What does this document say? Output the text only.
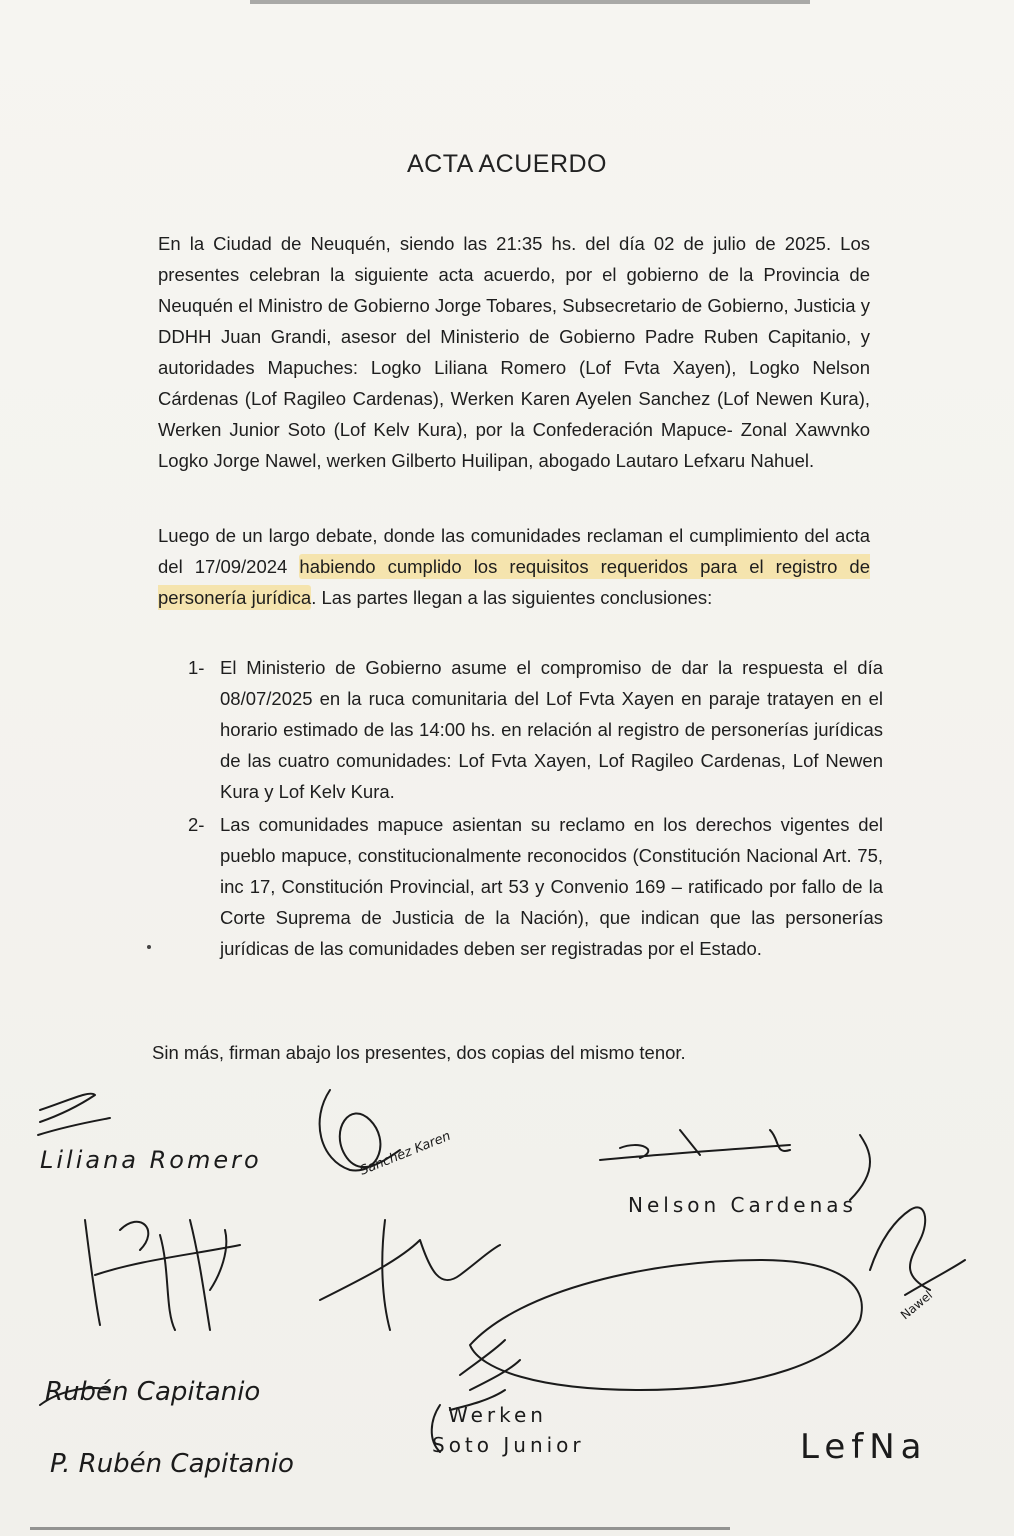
ACTA ACUERDO
En la Ciudad de Neuquén, siendo las 21:35 hs. del día 02 de julio de 2025. Los presentes celebran la siguiente acta acuerdo, por el gobierno de la Provincia de Neuquén el Ministro de Gobierno Jorge Tobares, Subsecretario de Gobierno, Justicia y DDHH Juan Grandi, asesor del Ministerio de Gobierno Padre Ruben Capitanio, y autoridades Mapuches: Logko Liliana Romero (Lof Fvta Xayen), Logko Nelson Cárdenas (Lof Ragileo Cardenas), Werken Karen Ayelen Sanchez (Lof Newen Kura), Werken Junior Soto (Lof Kelv Kura), por la Confederación Mapuce- Zonal Xawvnko Logko Jorge Nawel, werken Gilberto Huilipan, abogado Lautaro Lefxaru Nahuel.
Luego de un largo debate, donde las comunidades reclaman el cumplimiento del acta del 17/09/2024 habiendo cumplido los requisitos requeridos para el registro de personería jurídica. Las partes llegan a las siguientes conclusiones:
1- El Ministerio de Gobierno asume el compromiso de dar la respuesta el día 08/07/2025 en la ruca comunitaria del Lof Fvta Xayen en paraje tratayen en el horario estimado de las 14:00 hs. en relación al registro de personerías jurídicas de las cuatro comunidades: Lof Fvta Xayen, Lof Ragileo Cardenas, Lof Newen Kura y Lof Kelv Kura.
2- Las comunidades mapuce asientan su reclamo en los derechos vigentes del pueblo mapuce, constitucionalmente reconocidos (Constitución Nacional Art. 75, inc 17, Constitución Provincial, art 53 y Convenio 169 – ratificado por fallo de la Corte Suprema de Justicia de la Nación), que indican que las personerías jurídicas de las comunidades deben ser registradas por el Estado.
Sin más, firman abajo los presentes, dos copias del mismo tenor.
Liliana Romero	Sanchez Karen
Nelson Cardenas
Rubén Capitanio
P. Rubén Capitanio
Werken
Soto Junior
Nawel
LefNa
